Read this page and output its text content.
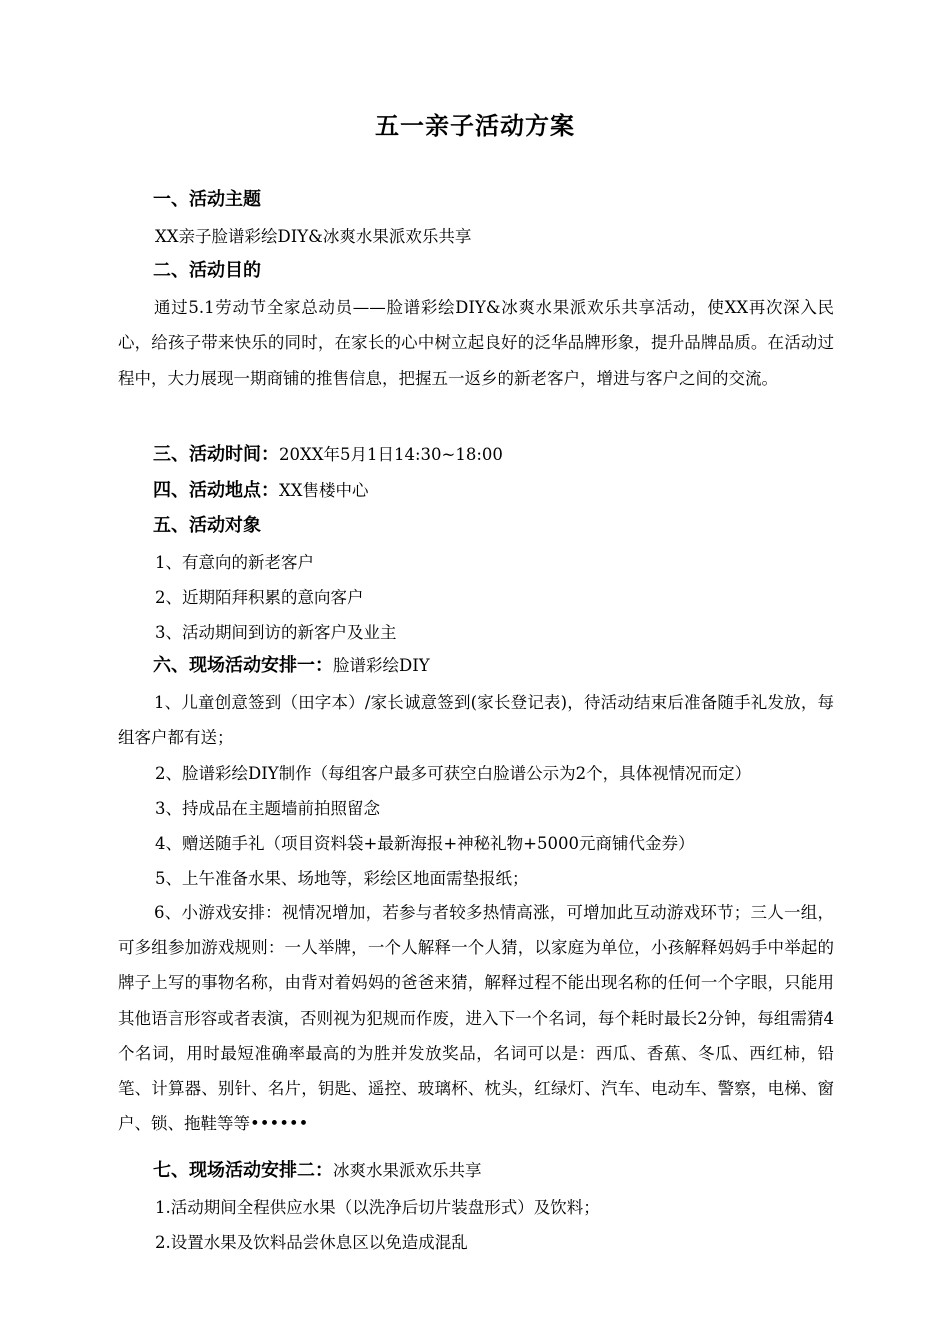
五一亲子活动方案
一、活动主题
XX亲子脸谱彩绘DIY&冰爽水果派欢乐共享
二、活动目的
通过5.1劳动节全家总动员——脸谱彩绘DIY&冰爽水果派欢乐共享活动，使XX再次深入民心，给孩子带来快乐的同时，在家长的心中树立起良好的泛华品牌形象，提升品牌品质。在活动过程中，大力展现一期商铺的推售信息，把握五一返乡的新老客户，增进与客户之间的交流。
三、活动时间：20XX年5月1日14:30~18:00
四、活动地点：XX售楼中心
五、活动对象
1、有意向的新老客户
2、近期陌拜积累的意向客户
3、活动期间到访的新客户及业主
六、现场活动安排一：脸谱彩绘DIY
1、儿童创意签到（田字本）/家长诚意签到(家长登记表)，待活动结束后准备随手礼发放，每组客户都有送；
2、脸谱彩绘DIY制作（每组客户最多可获空白脸谱公示为2个，具体视情况而定）
3、持成品在主题墙前拍照留念
4、赠送随手礼（项目资料袋+最新海报+神秘礼物+5000元商铺代金券）
5、上午准备水果、场地等，彩绘区地面需垫报纸；
6、小游戏安排：视情况增加，若参与者较多热情高涨，可增加此互动游戏环节；三人一组，可多组参加游戏规则：一人举牌，一个人解释一个人猜，以家庭为单位，小孩解释妈妈手中举起的牌子上写的事物名称，由背对着妈妈的爸爸来猜，解释过程不能出现名称的任何一个字眼，只能用其他语言形容或者表演，否则视为犯规而作废，进入下一个名词，每个耗时最长2分钟，每组需猜4个名词，用时最短准确率最高的为胜并发放奖品，名词可以是：西瓜、香蕉、冬瓜、西红柿，铅笔、计算器、别针、名片，钥匙、遥控、玻璃杯、枕头，红绿灯、汽车、电动车、警察，电梯、窗户、锁、拖鞋等等••••••
七、现场活动安排二：冰爽水果派欢乐共享
1.活动期间全程供应水果（以洗净后切片装盘形式）及饮料；
2.设置水果及饮料品尝休息区以免造成混乱
